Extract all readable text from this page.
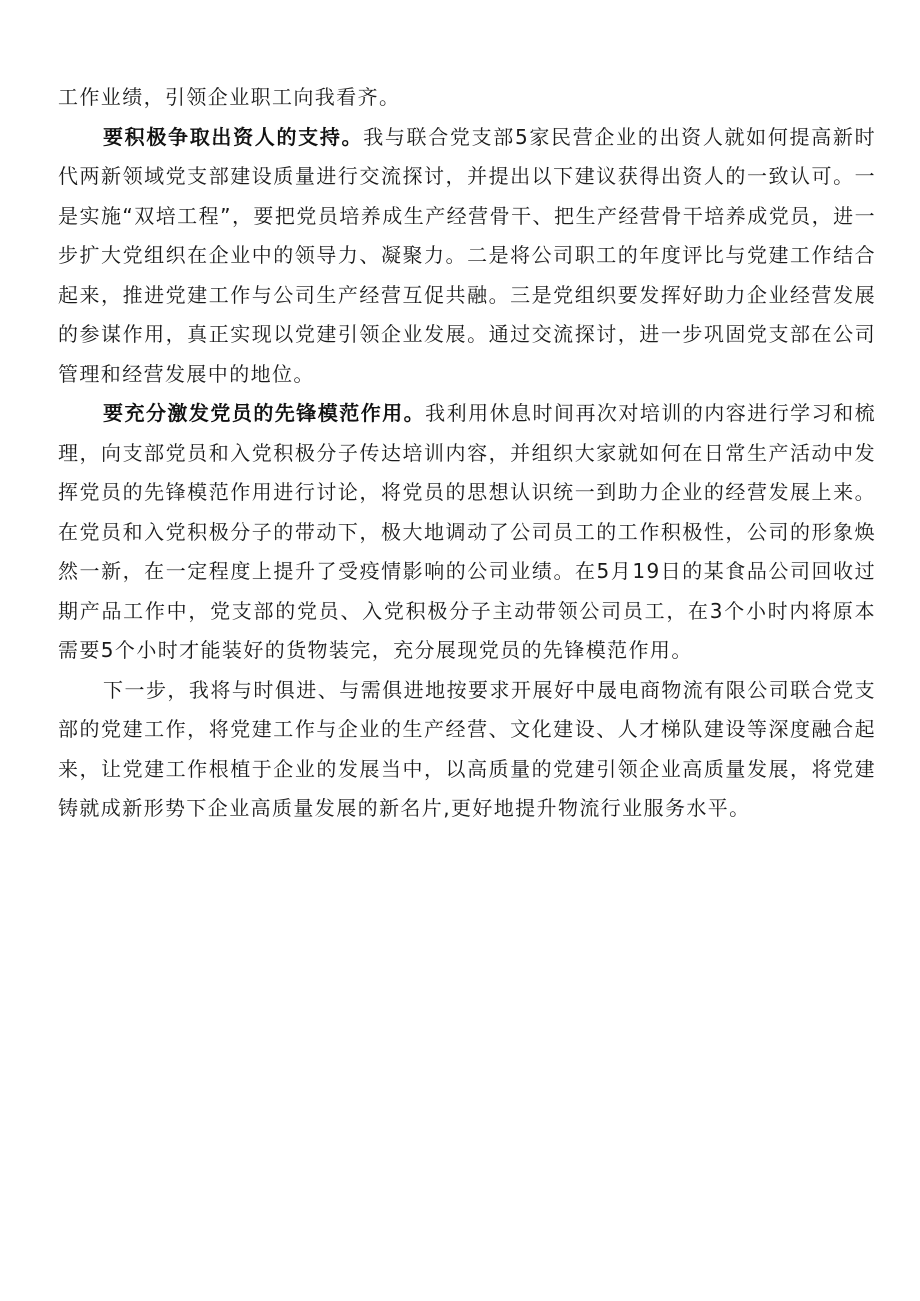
工作业绩，引领企业职工向我看齐。

要积极争取出资人的支持。我与联合党支部5家民营企业的出资人就如何提高新时代两新领域党支部建设质量进行交流探讨，并提出以下建议获得出资人的一致认可。一是实施“双培工程”，要把党员培养成生产经营骨干、把生产经营骨干培养成党员，进一步扩大党组织在企业中的领导力、凝聚力。二是将公司职工的年度评比与党建工作结合起来，推进党建工作与公司生产经营互促共融。三是党组织要发挥好助力企业经营发展的参谋作用，真正实现以党建引领企业发展。通过交流探讨，进一步巩固党支部在公司管理和经营发展中的地位。

要充分激发党员的先锋模范作用。我利用休息时间再次对培训的内容进行学习和梳理，向支部党员和入党积极分子传达培训内容，并组织大家就如何在日常生产活动中发挥党员的先锋模范作用进行讨论，将党员的思想认识统一到助力企业的经营发展上来。在党员和入党积极分子的带动下，极大地调动了公司员工的工作积极性，公司的形象焕然一新，在一定程度上提升了受疫情影响的公司业绩。在5月19日的某食品公司回收过期产品工作中，党支部的党员、入党积极分子主动带领公司员工，在3个小时内将原本需要5个小时才能装好的货物装完，充分展现党员的先锋模范作用。

下一步，我将与时俱进、与需俱进地按要求开展好中晟电商物流有限公司联合党支部的党建工作，将党建工作与企业的生产经营、文化建设、人才梯队建设等深度融合起来，让党建工作根植于企业的发展当中，以高质量的党建引领企业高质量发展，将党建铸就成新形势下企业高质量发展的新名片,更好地提升物流行业服务水平。
